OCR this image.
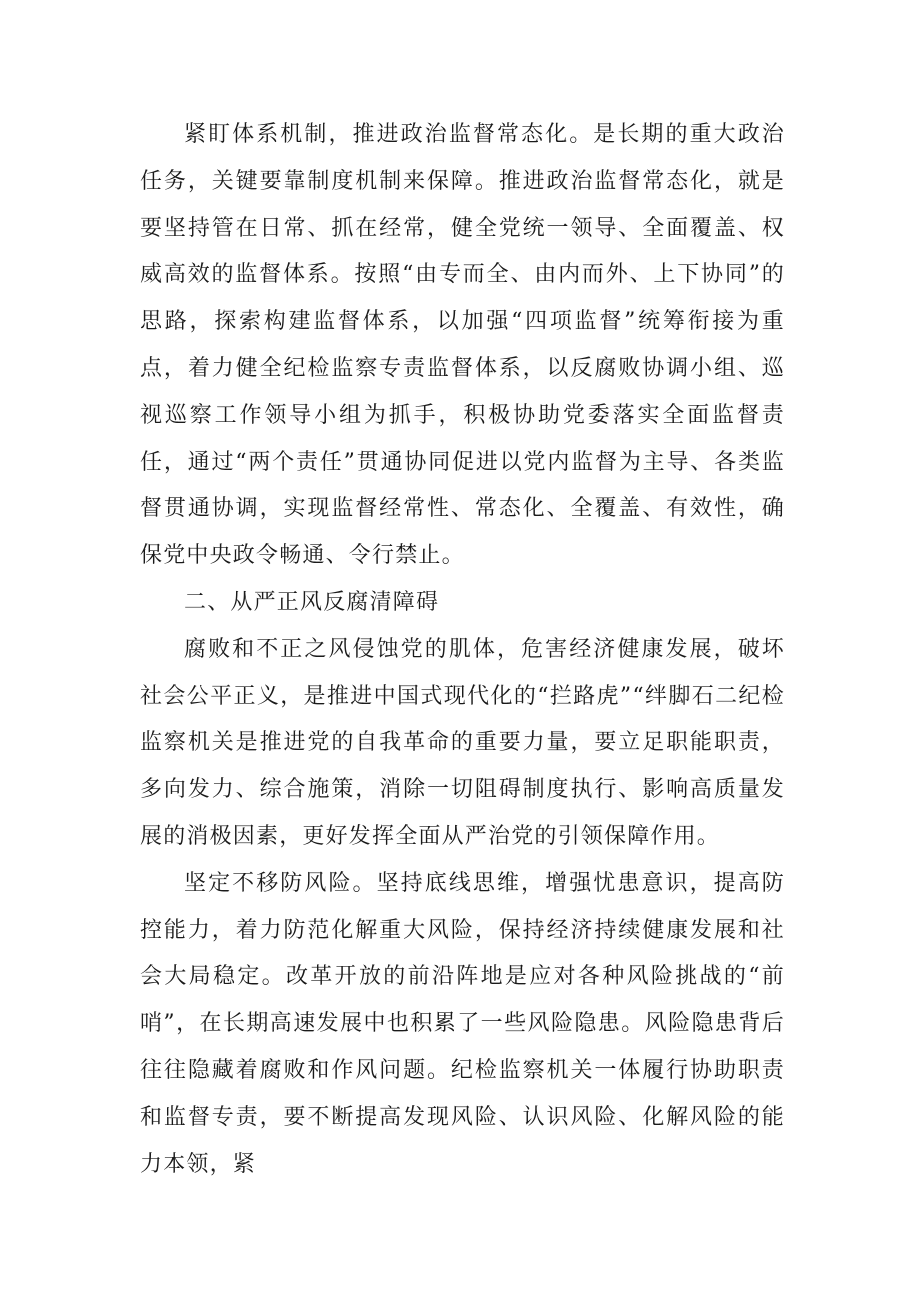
紧盯体系机制，推进政治监督常态化。是长期的重大政治任务，关键要靠制度机制来保障。推进政治监督常态化，就是要坚持管在日常、抓在经常，健全党统一领导、全面覆盖、权威高效的监督体系。按照“由专而全、由内而外、上下协同”的思路，探索构建监督体系，以加强“四项监督”统筹衔接为重点，着力健全纪检监察专责监督体系，以反腐败协调小组、巡视巡察工作领导小组为抓手，积极协助党委落实全面监督责任，通过“两个责任”贯通协同促进以党内监督为主导、各类监督贯通协调，实现监督经常性、常态化、全覆盖、有效性，确保党中央政令畅通、令行禁止。

二、从严正风反腐清障碍

腐败和不正之风侵蚀党的肌体，危害经济健康发展，破坏社会公平正义，是推进中国式现代化的“拦路虎”“绊脚石二纪检监察机关是推进党的自我革命的重要力量，要立足职能职责，多向发力、综合施策，消除一切阻碍制度执行、影响高质量发展的消极因素，更好发挥全面从严治党的引领保障作用。

坚定不移防风险。坚持底线思维，增强忧患意识，提高防控能力，着力防范化解重大风险，保持经济持续健康发展和社会大局稳定。改革开放的前沿阵地是应对各种风险挑战的“前哨”，在长期高速发展中也积累了一些风险隐患。风险隐患背后往往隐藏着腐败和作风问题。纪检监察机关一体履行协助职责和监督专责，要不断提高发现风险、认识风险、化解风险的能力本领，紧
